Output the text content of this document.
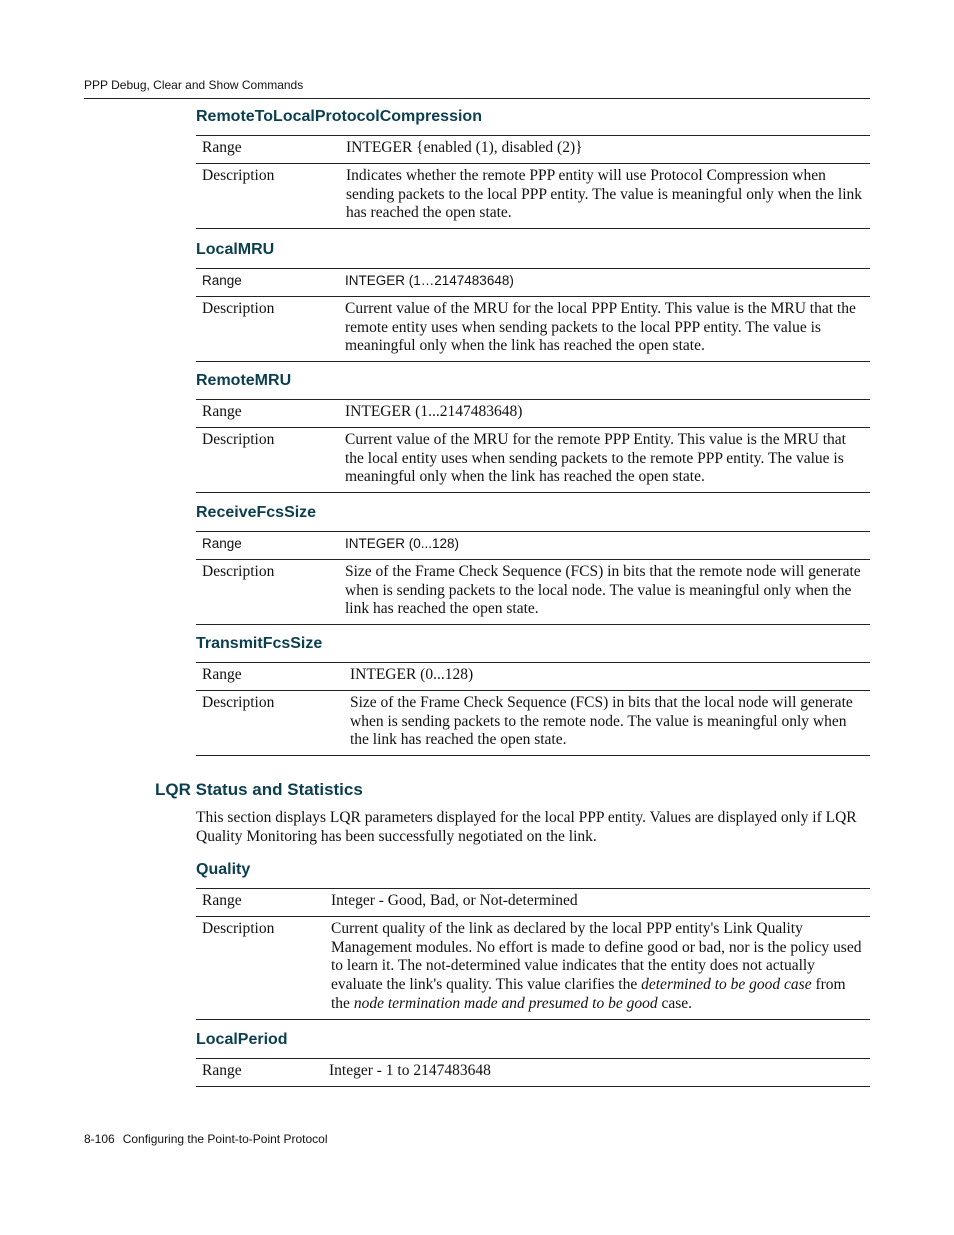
PPP Debug, Clear and Show Commands
RemoteToLocalProtocolCompression
Range	INTEGER {enabled (1), disabled (2)}
Description	Indicates whether the remote PPP entity will use Protocol Compression when sending packets to the local PPP entity. The value is meaningful only when the link has reached the open state.
LocalMRU
Range	INTEGER (1…2147483648)
Description	Current value of the MRU for the local PPP Entity. This value is the MRU that the remote entity uses when sending packets to the local PPP entity. The value is meaningful only when the link has reached the open state.
RemoteMRU
Range	INTEGER (1...2147483648)
Description	Current value of the MRU for the remote PPP Entity. This value is the MRU that the local entity uses when sending packets to the remote PPP entity. The value is meaningful only when the link has reached the open state.
ReceiveFcsSize
Range	INTEGER (0...128)
Description	Size of the Frame Check Sequence (FCS) in bits that the remote node will generate when is sending packets to the local node. The value is meaningful only when the link has reached the open state.
TransmitFcsSize
Range	INTEGER (0...128)
Description	Size of the Frame Check Sequence (FCS) in bits that the local node will generate when is sending packets to the remote node. The value is meaningful only when the link has reached the open state.
LQR Status and Statistics
This section displays LQR parameters displayed for the local PPP entity. Values are displayed only if LQR Quality Monitoring has been successfully negotiated on the link.
Quality
Range	Integer - Good, Bad, or Not-determined
Description	Current quality of the link as declared by the local PPP entity's Link Quality Management modules. No effort is made to define good or bad, nor is the policy used to learn it. The not-determined value indicates that the entity does not actually evaluate the link's quality. This value clarifies the determined to be good case from the node termination made and presumed to be good case.
LocalPeriod
Range	Integer - 1 to 2147483648
8-106 Configuring the Point-to-Point Protocol
